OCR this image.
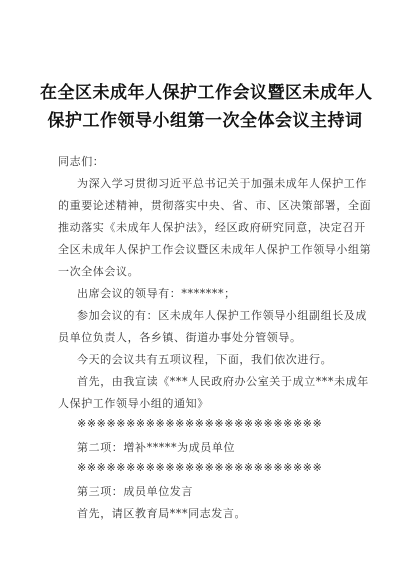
在全区未成年人保护工作会议暨区未成年人
保护工作领导小组第一次全体会议主持词
同志们：
为深入学习贯彻习近平总书记关于加强未成年人保护工作
的重要论述精神，贯彻落实中央、省、市、区决策部署，全面
推动落实《未成年人保护法》，经区政府研究同意，决定召开
全区未成年人保护工作会议暨区未成年人保护工作领导小组第
一次全体会议。
出席会议的领导有：*******；
参加会议的有：区未成年人保护工作领导小组副组长及成
员单位负责人，各乡镇、街道办事处分管领导。
今天的会议共有五项议程，下面，我们依次进行。
首先，由我宣读《***人民政府办公室关于成立***未成年
人保护工作领导小组的通知》
※※※※※※※※※※※※※※※※※※※※※※※※※
第二项：增补*****为成员单位
※※※※※※※※※※※※※※※※※※※※※※※※※
第三项：成员单位发言
首先，请区教育局***同志发言。
